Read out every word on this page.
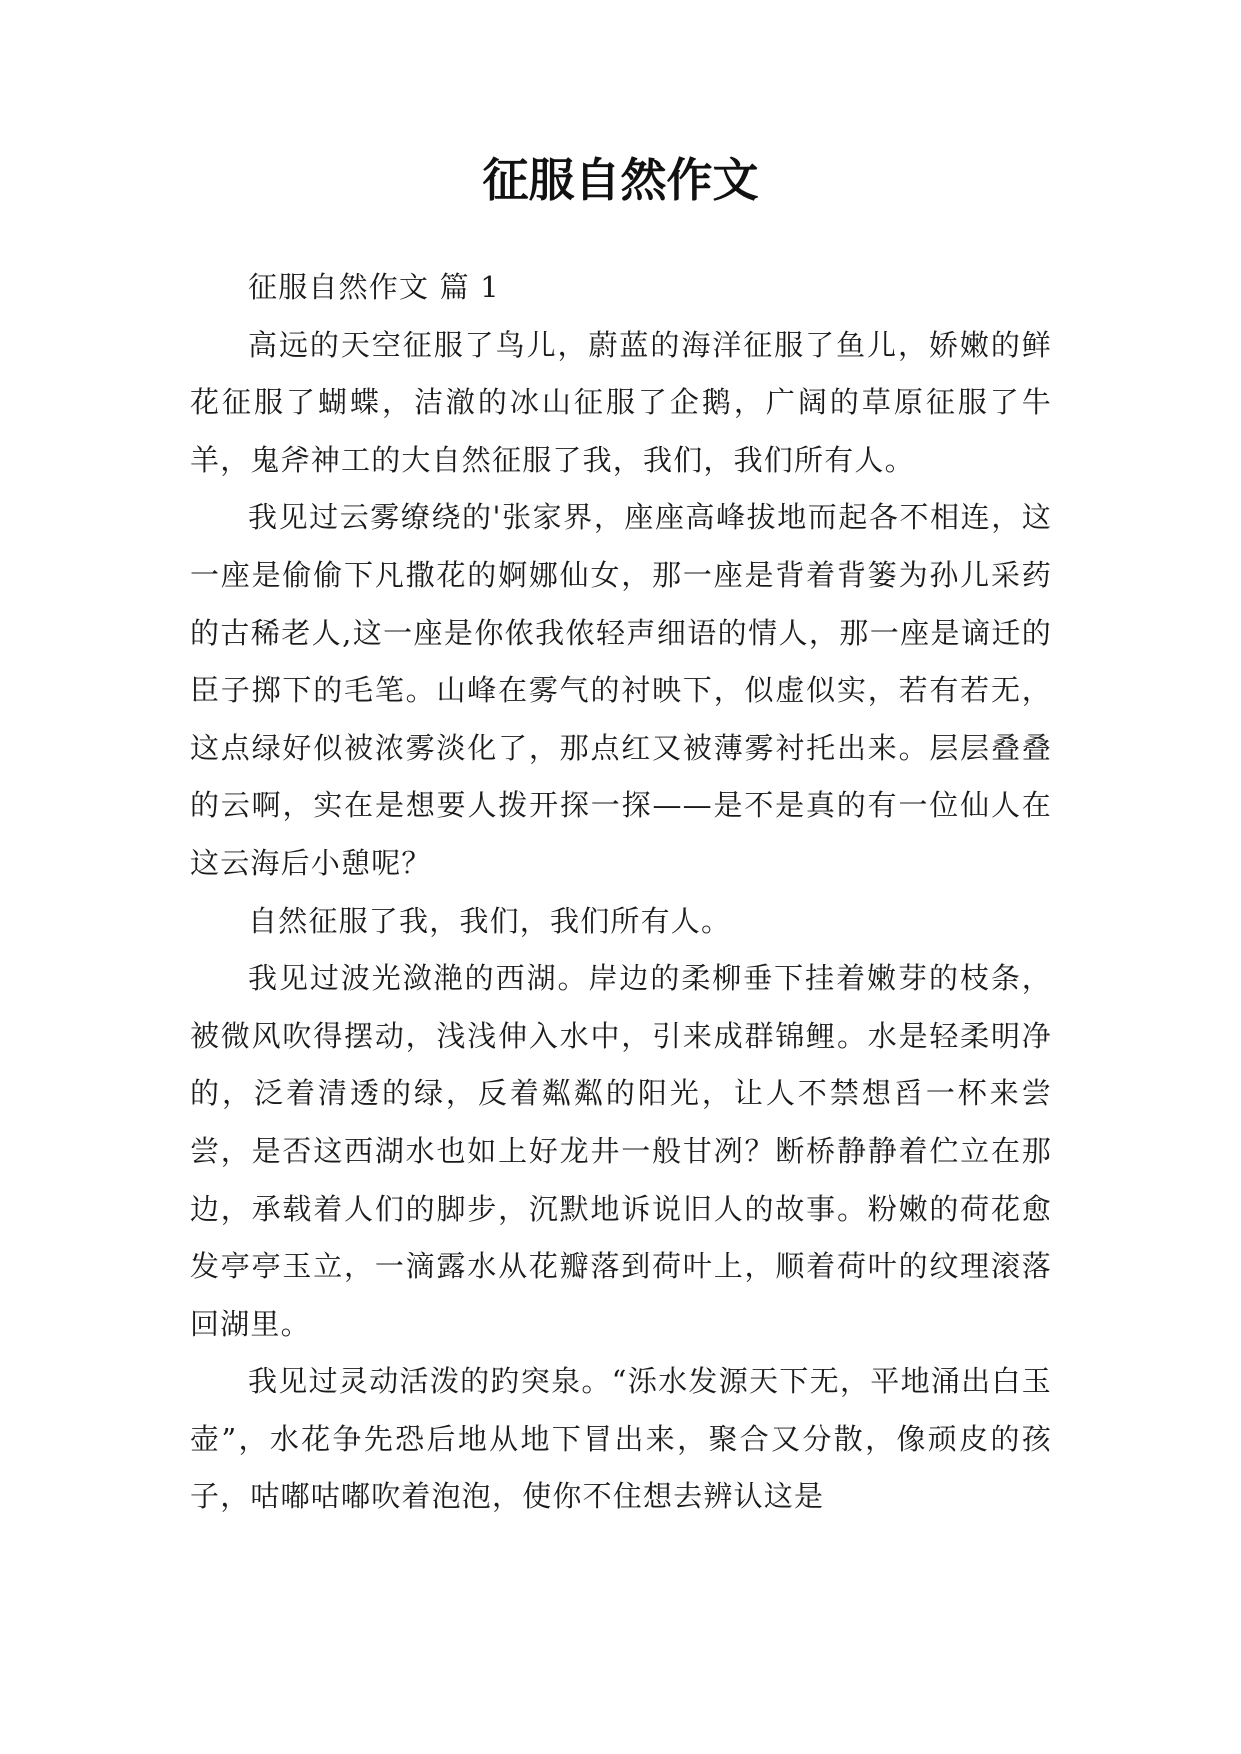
征服自然作文

征服自然作文 篇 1

高远的天空征服了鸟儿，蔚蓝的海洋征服了鱼儿，娇嫩的鲜花征服了蝴蝶，洁澈的冰山征服了企鹅，广阔的草原征服了牛羊，鬼斧神工的大自然征服了我，我们，我们所有人。

我见过云雾缭绕的'张家界，座座高峰拔地而起各不相连，这一座是偷偷下凡撒花的婀娜仙女，那一座是背着背篓为孙儿采药的古稀老人,这一座是你侬我侬轻声细语的情人，那一座是谪迁的臣子掷下的毛笔。山峰在雾气的衬映下，似虚似实，若有若无，这点绿好似被浓雾淡化了，那点红又被薄雾衬托出来。层层叠叠的云啊，实在是想要人拨开探一探——是不是真的有一位仙人在这云海后小憩呢？

自然征服了我，我们，我们所有人。

我见过波光潋滟的西湖。岸边的柔柳垂下挂着嫩芽的枝条，被微风吹得摆动，浅浅伸入水中，引来成群锦鲤。水是轻柔明净的，泛着清透的绿，反着粼粼的阳光，让人不禁想舀一杯来尝尝，是否这西湖水也如上好龙井一般甘冽？断桥静静着伫立在那边，承载着人们的脚步，沉默地诉说旧人的故事。粉嫩的荷花愈发亭亭玉立，一滴露水从花瓣落到荷叶上，顺着荷叶的纹理滚落回湖里。

我见过灵动活泼的趵突泉。“泺水发源天下无，平地涌出白玉壶”，水花争先恐后地从地下冒出来，聚合又分散，像顽皮的孩子，咕嘟咕嘟吹着泡泡，使你不住想去辨认这是
